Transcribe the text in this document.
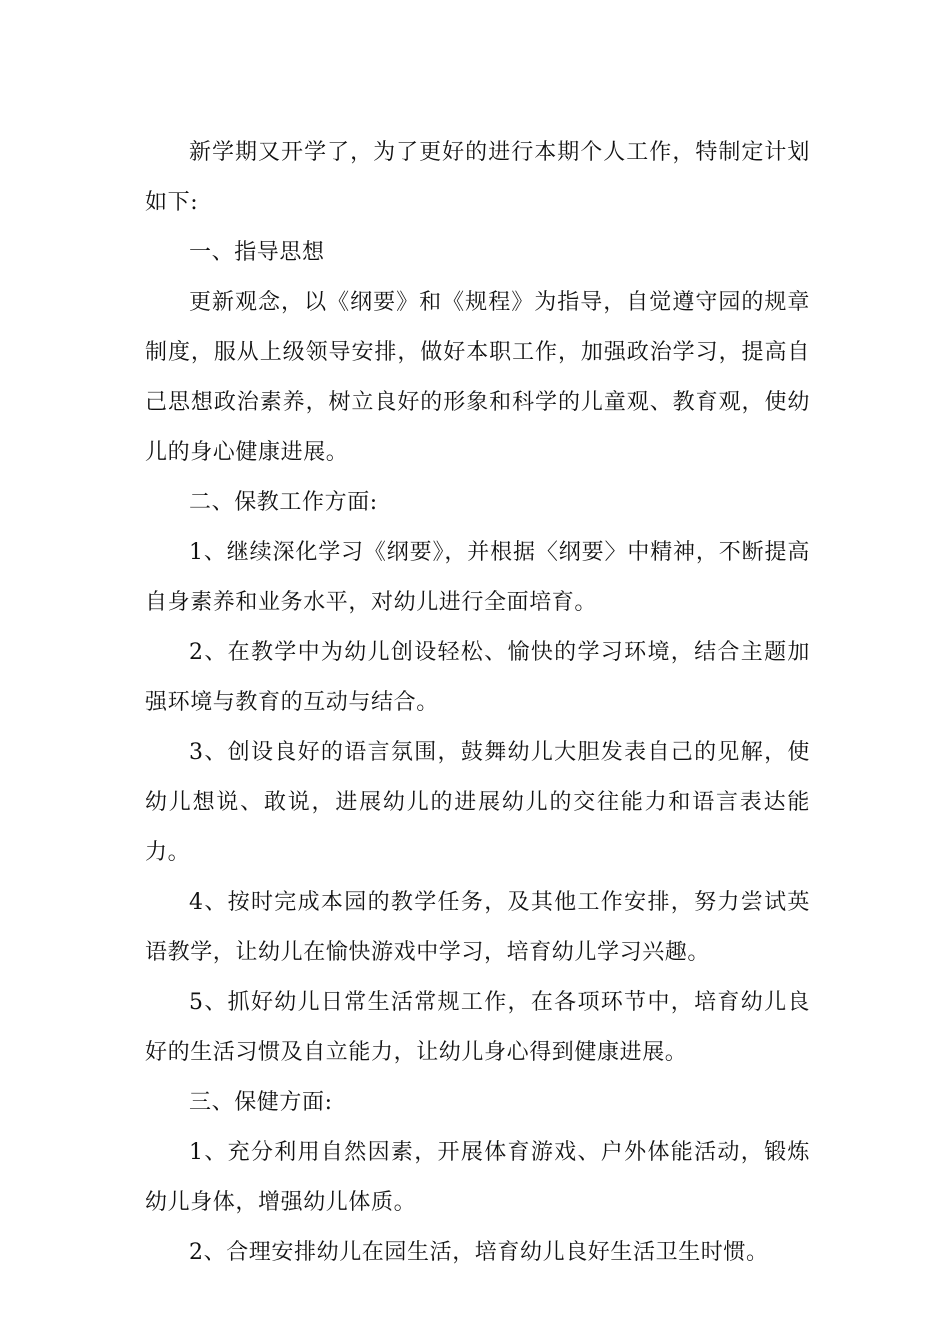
新学期又开学了，为了更好的进行本期个人工作，特制定计划如下:

一、指导思想

更新观念，以《纲要》和《规程》为指导，自觉遵守园的规章制度，服从上级领导安排，做好本职工作，加强政治学习，提高自己思想政治素养，树立良好的形象和科学的儿童观、教育观，使幼儿的身心健康进展。

二、保教工作方面:

1、继续深化学习《纲要》，并根据〈纲要〉中精神，不断提高自身素养和业务水平，对幼儿进行全面培育。

2、在教学中为幼儿创设轻松、愉快的学习环境，结合主题加强环境与教育的互动与结合。

3、创设良好的语言氛围，鼓舞幼儿大胆发表自己的见解，使幼儿想说、敢说，进展幼儿的进展幼儿的交往能力和语言表达能力。

4、按时完成本园的教学任务，及其他工作安排，努力尝试英语教学，让幼儿在愉快游戏中学习，培育幼儿学习兴趣。

5、抓好幼儿日常生活常规工作，在各项环节中，培育幼儿良好的生活习惯及自立能力，让幼儿身心得到健康进展。

三、保健方面:

1、充分利用自然因素，开展体育游戏、户外体能活动，锻炼幼儿身体，增强幼儿体质。

2、合理安排幼儿在园生活，培育幼儿良好生活卫生时惯。
